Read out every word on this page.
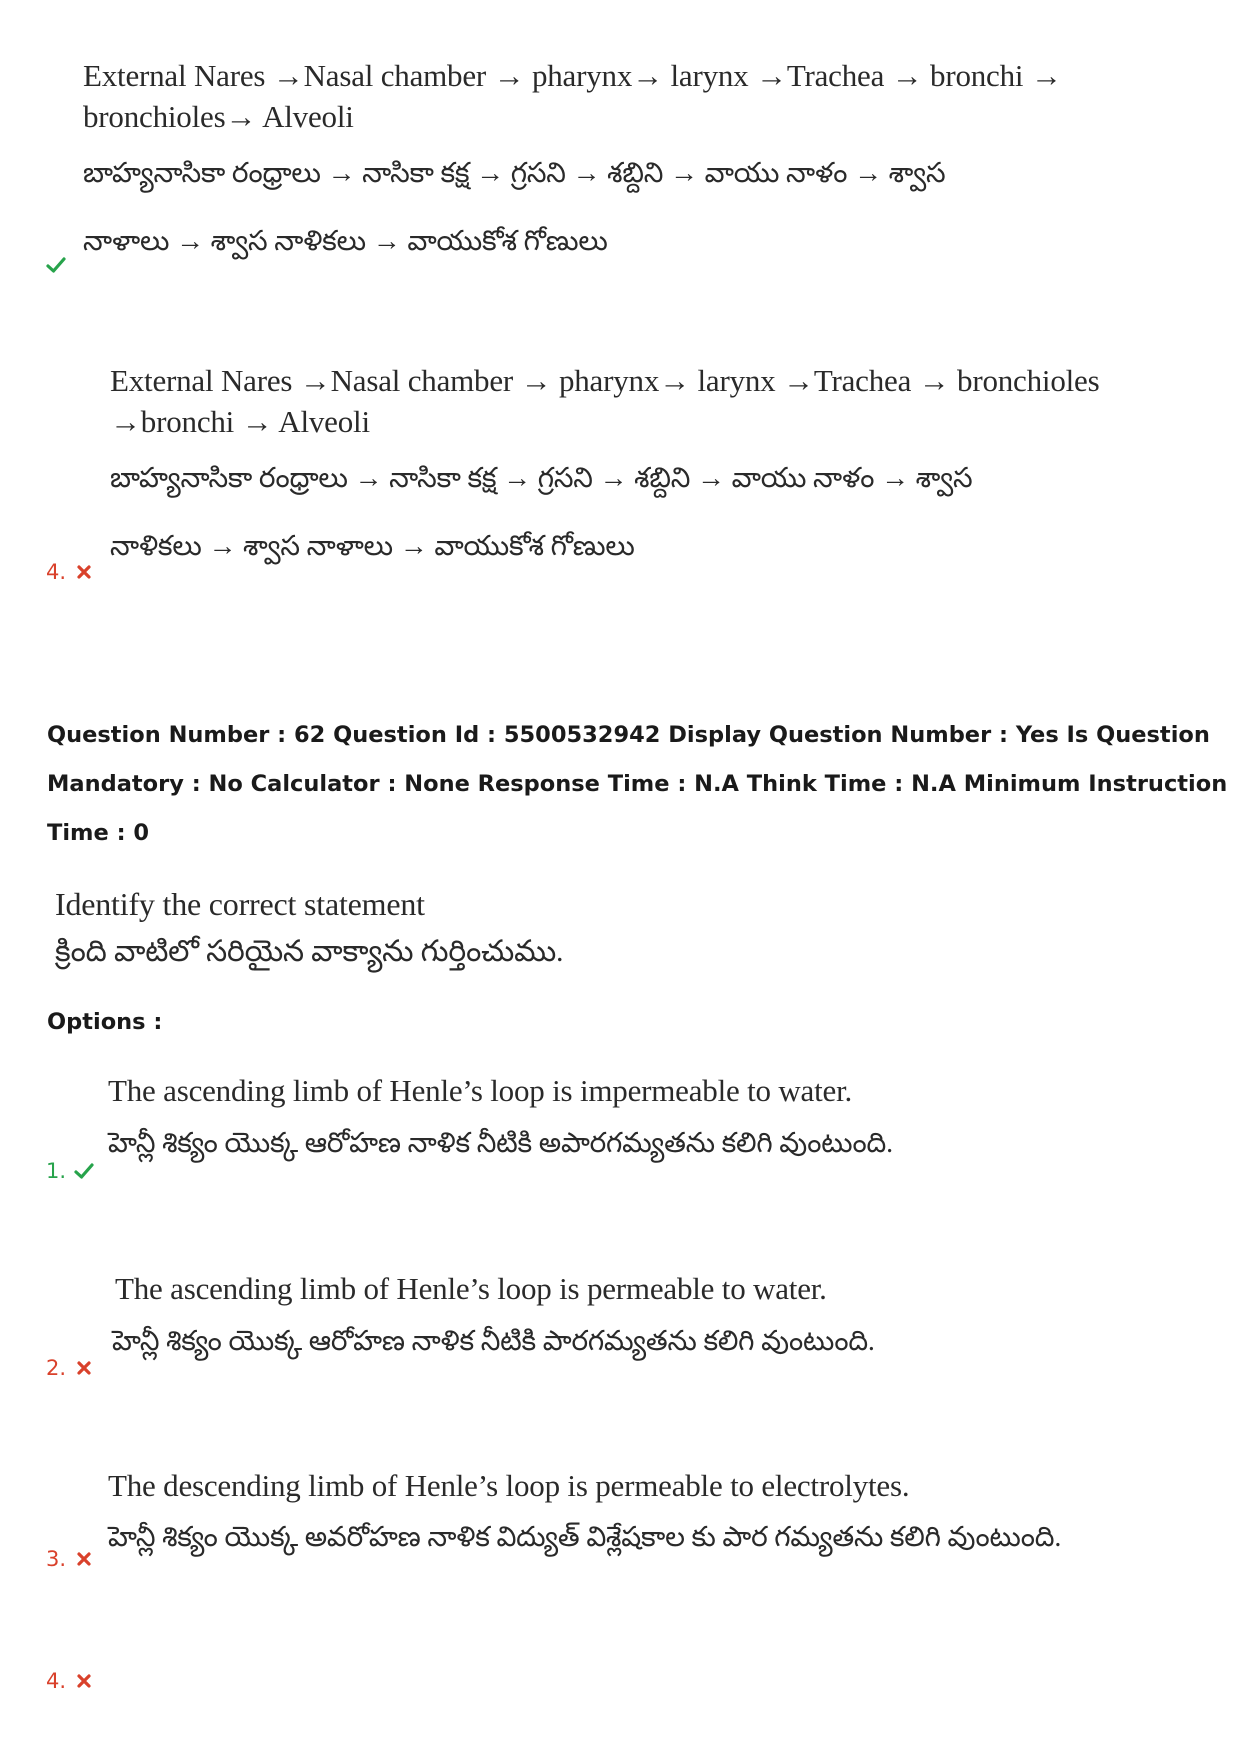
External Nares →Nasal chamber → pharynx→ larynx →Trachea → bronchi →
bronchioles→ Alveoli
బాహ్యనాసికా రంధ్రాలు → నాసికా కక్ష → గ్రసని → శబ్దిని → వాయు నాళం → శ్వాస
నాళాలు → శ్వాస నాళికలు → వాయుకోశ గోణులు
External Nares →Nasal chamber → pharynx→ larynx →Trachea → bronchioles
→bronchi → Alveoli
బాహ్యనాసికా రంధ్రాలు → నాసికా కక్ష → గ్రసని → శబ్దిని → వాయు నాళం → శ్వాస
నాళికలు → శ్వాస నాళాలు → వాయుకోశ గోణులు
4.
Question Number : 62 Question Id : 5500532942 Display Question Number : Yes Is Question
Mandatory : No Calculator : None Response Time : N.A Think Time : N.A Minimum Instruction
Time : 0
Identify the correct statement
క్రింది వాటిలో సరియైన వాక్యాను గుర్తించుము.
Options :
The ascending limb of Henle’s loop is impermeable to water.
హెన్లీ శిక్యం యొక్క ఆరోహణ నాళిక నీటికి అపారగమ్యతను కలిగి వుంటుంది.
1.
The ascending limb of Henle’s loop is permeable to water.
హెన్లీ శిక్యం యొక్క ఆరోహణ నాళిక నీటికి పారగమ్యతను కలిగి వుంటుంది.
2.
The descending limb of Henle’s loop is permeable to electrolytes.
హెన్లీ శిక్యం యొక్క అవరోహణ నాళిక విద్యుత్ విశ్లేషకాల కు పార గమ్యతను కలిగి వుంటుంది.
3.
4.
